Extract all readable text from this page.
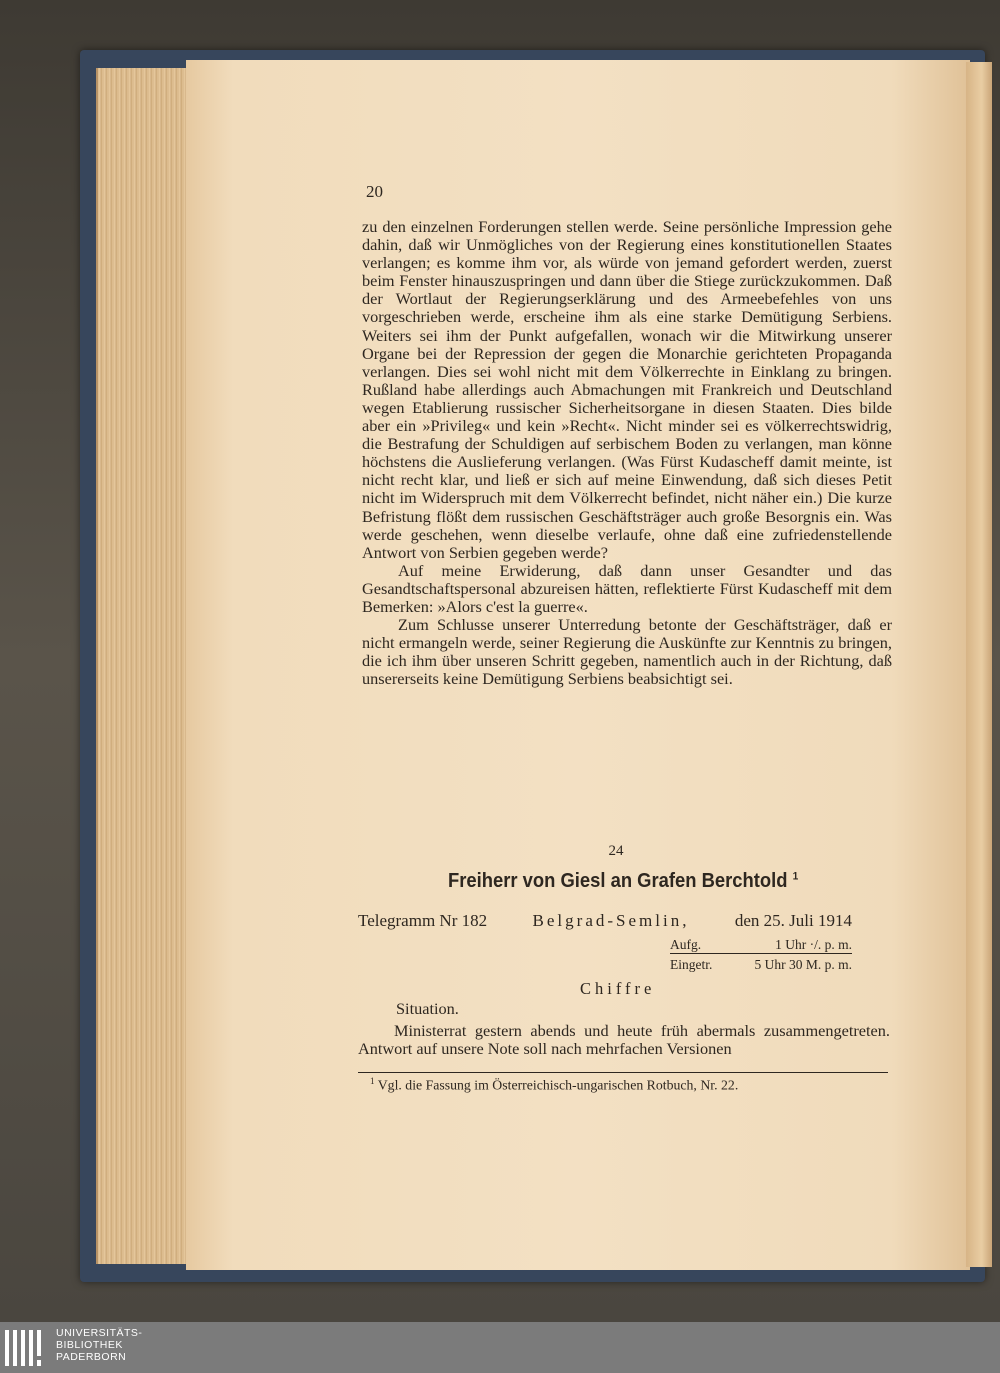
20

zu den einzelnen Forderungen stellen werde. Seine persönliche Impression gehe dahin, daß wir Unmögliches von der Regierung eines konstitutionellen Staates verlangen; es komme ihm vor, als würde von jemand gefordert werden, zuerst beim Fenster hinauszuspringen und dann über die Stiege zurückzukommen. Daß der Wortlaut der Regierungserklärung und des Armeebefehles von uns vorgeschrieben werde, erscheine ihm als eine starke Demütigung Serbiens. Weiters sei ihm der Punkt aufgefallen, wonach wir die Mitwirkung unserer Organe bei der Repression der gegen die Monarchie gerichteten Propaganda verlangen. Dies sei wohl nicht mit dem Völkerrechte in Einklang zu bringen. Rußland habe allerdings auch Abmachungen mit Frankreich und Deutschland wegen Etablierung russischer Sicherheitsorgane in diesen Staaten. Dies bilde aber ein »Privileg« und kein »Recht«. Nicht minder sei es völkerrechtswidrig, die Bestrafung der Schuldigen auf serbischem Boden zu verlangen, man könne höchstens die Auslieferung verlangen. (Was Fürst Kudascheff damit meinte, ist nicht recht klar, und ließ er sich auf meine Einwendung, daß sich dieses Petit nicht im Widerspruch mit dem Völkerrecht befindet, nicht näher ein.) Die kurze Befristung flößt dem russischen Geschäftsträger auch große Besorgnis ein. Was werde geschehen, wenn dieselbe verlaufe, ohne daß eine zufriedenstellende Antwort von Serbien gegeben werde?

Auf meine Erwiderung, daß dann unser Gesandter und das Gesandtschaftspersonal abzureisen hätten, reflektierte Fürst Kudascheff mit dem Bemerken: »Alors c'est la guerre«.

Zum Schlusse unserer Unterredung betonte der Geschäftsträger, daß er nicht ermangeln werde, seiner Regierung die Auskünfte zur Kenntnis zu bringen, die ich ihm über unseren Schritt gegeben, namentlich auch in der Richtung, daß unsererseits keine Demütigung Serbiens beabsichtigt sei.

24
Freiherr von Giesl an Grafen Berchtold $^1$
Telegramm Nr 182	Belgrad-Semlin,	den 25. Juli 1914
Aufg.	1 Uhr ·/. p. m.
Eingetr.	5 Uhr 30 M. p. m.
Chiffre

Situation.

Ministerrat gestern abends und heute früh abermals zusammengetreten. Antwort auf unsere Note soll nach mehrfachen Versionen

$^1$ Vgl. die Fassung im Österreichisch-ungarischen Rotbuch, Nr. 22.
UNIVERSITÄTS-
BIBLIOTHEK
PADERBORN
